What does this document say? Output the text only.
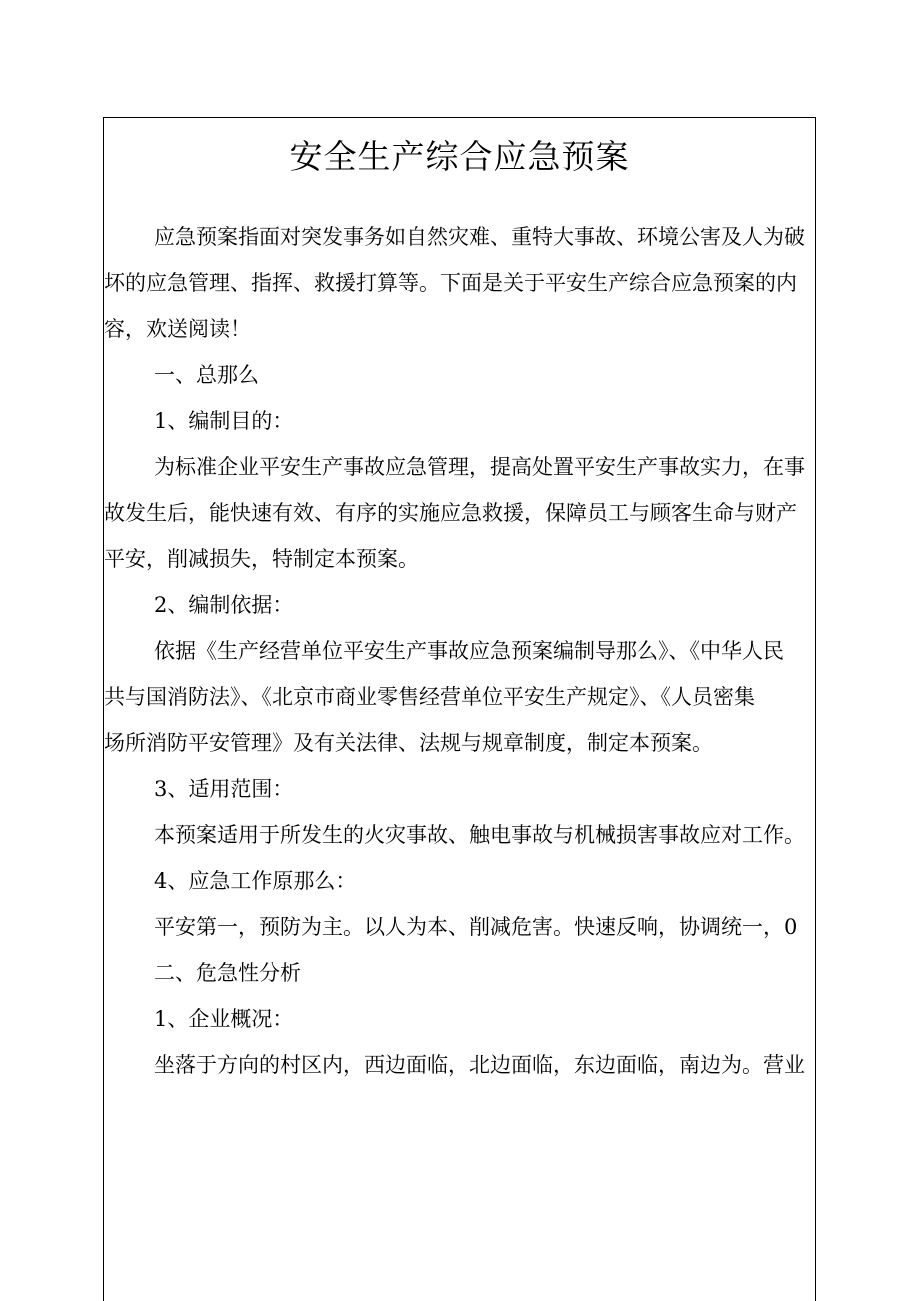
安全生产综合应急预案

应急预案指面对突发事务如自然灾难、重特大事故、环境公害及人为破

坏的应急管理、指挥、救援打算等。下面是关于平安生产综合应急预案的内

容，欢送阅读！

一、总那么

1、编制目的：

为标准企业平安生产事故应急管理，提高处置平安生产事故实力，在事

故发生后，能快速有效、有序的实施应急救援，保障员工与顾客生命与财产

平安，削减损失，特制定本预案。

2、编制依据：

依据《生产经营单位平安生产事故应急预案编制导那么》、《中华人民

共与国消防法》、《北京市商业零售经营单位平安生产规定》、《人员密集

场所消防平安管理》及有关法律、法规与规章制度，制定本预案。

3、适用范围：

本预案适用于所发生的火灾事故、触电事故与机械损害事故应对工作。

4、应急工作原那么：

平安第一，预防为主。以人为本、削减危害。快速反响，协调统一，0

二、危急性分析

1、企业概况：

坐落于方向的村区内，西边面临，北边面临，东边面临，南边为。营业
